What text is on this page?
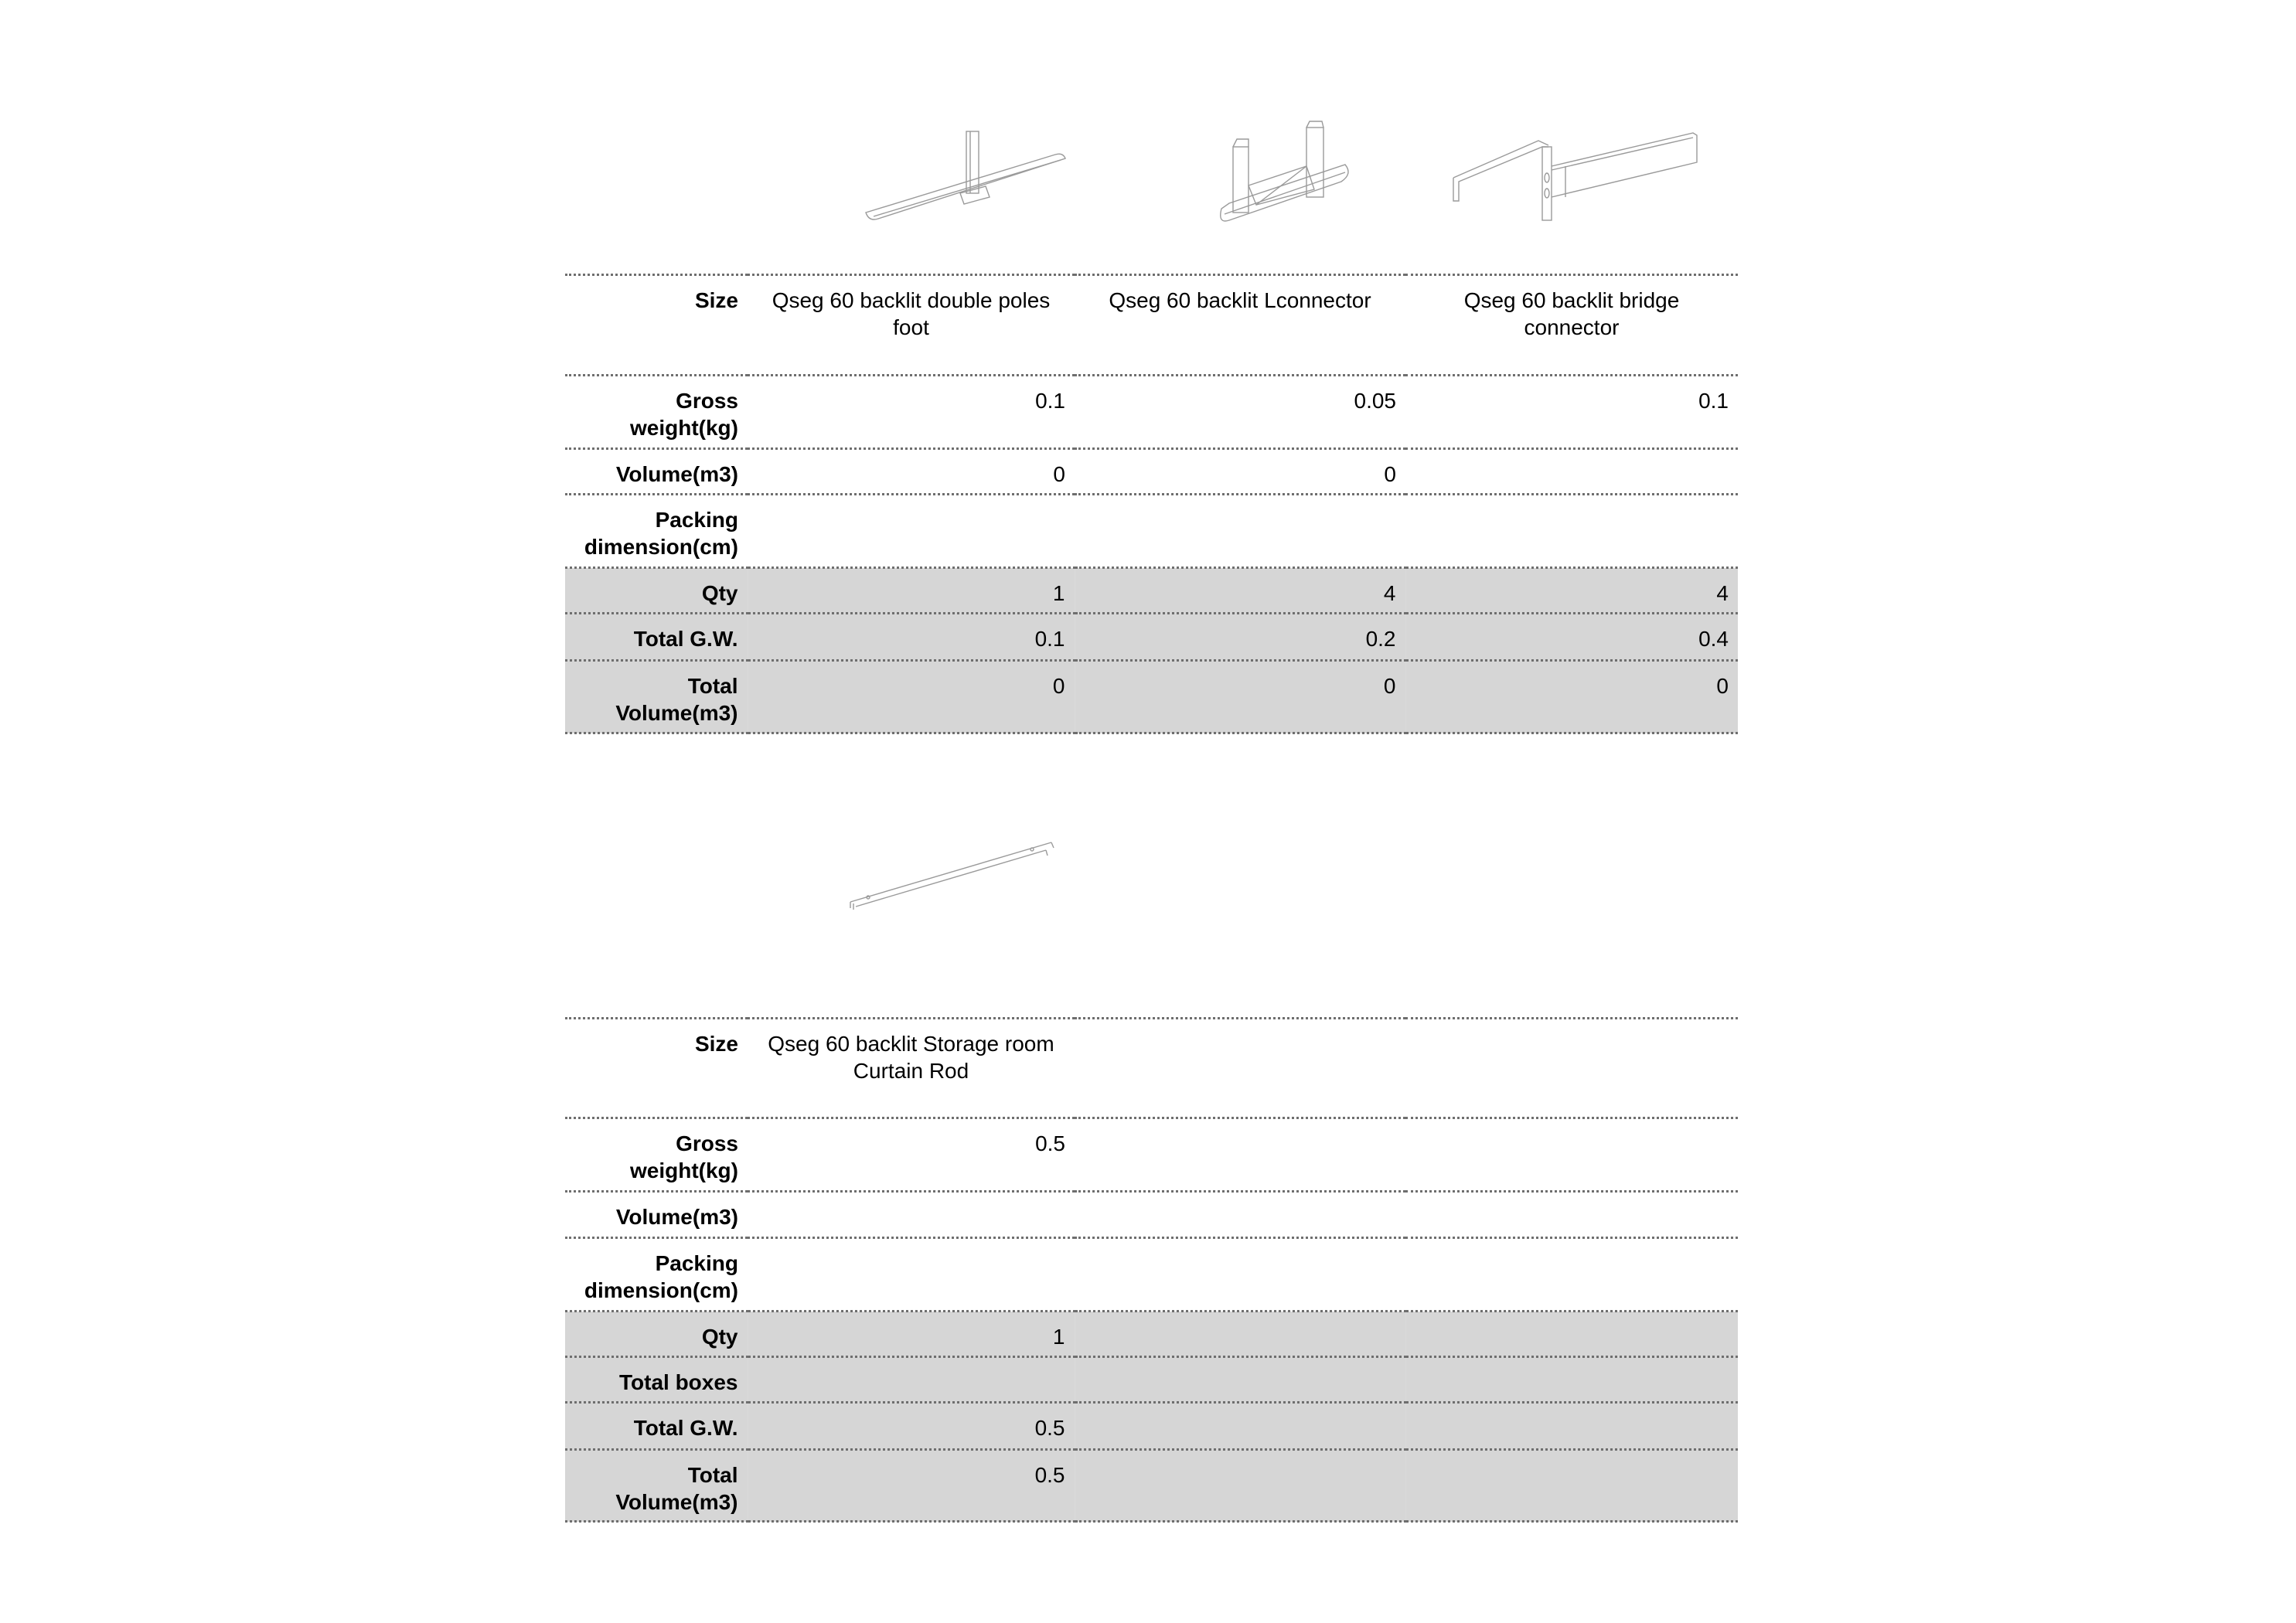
Size	Qseg 60 backlit double poles foot	Qseg 60 backlit Lconnector	Qseg 60 backlit bridge connector
Gross weight(kg)	0.1	0.05	0.1
Volume(m3)	0	0	
Packing dimension(cm)			
Qty	1	4	4
Total G.W.	0.1	0.2	0.4
Total Volume(m3)	0	0	0
Size	Qseg 60 backlit Storage room Curtain Rod		
Gross weight(kg)	0.5		
Volume(m3)			
Packing dimension(cm)			
Qty	1		
Total boxes			
Total G.W.	0.5		
Total Volume(m3)	0.5		
